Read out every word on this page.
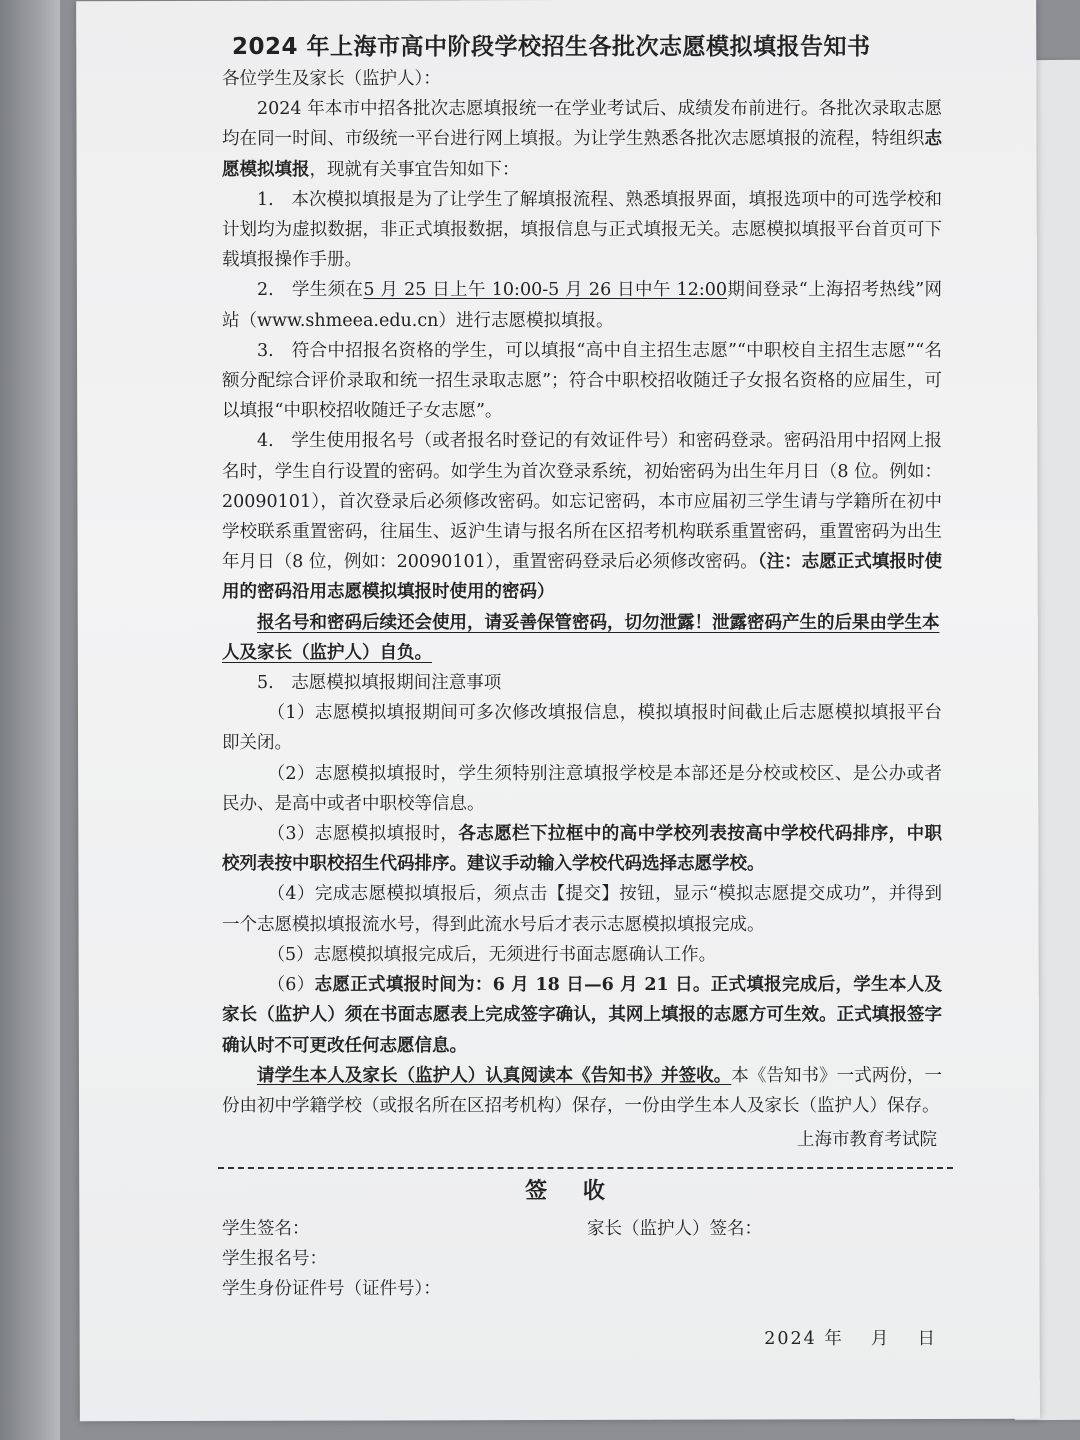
2024 年上海市高中阶段学校招生各批次志愿模拟填报告知书
各位学生及家长（监护人）：

2024 年本市中招各批次志愿填报统一在学业考试后、成绩发布前进行。各批次录取志愿均在同一时间、市级统一平台进行网上填报。为让学生熟悉各批次志愿填报的流程，特组织志愿模拟填报，现就有关事宜告知如下：

1.　本次模拟填报是为了让学生了解填报流程、熟悉填报界面，填报选项中的可选学校和计划均为虚拟数据，非正式填报数据，填报信息与正式填报无关。志愿模拟填报平台首页可下载填报操作手册。

2.　学生须在5 月 25 日上午 10:00-5 月 26 日中午 12:00期间登录“上海招考热线”网站（www.shmeea.edu.cn）进行志愿模拟填报。

3.　符合中招报名资格的学生，可以填报“高中自主招生志愿”“中职校自主招生志愿”“名额分配综合评价录取和统一招生录取志愿”；符合中职校招收随迁子女报名资格的应届生，可以填报“中职校招收随迁子女志愿”。

4.　学生使用报名号（或者报名时登记的有效证件号）和密码登录。密码沿用中招网上报名时，学生自行设置的密码。如学生为首次登录系统，初始密码为出生年月日（8 位。例如：20090101），首次登录后必须修改密码。如忘记密码，本市应届初三学生请与学籍所在初中学校联系重置密码，往届生、返沪生请与报名所在区招考机构联系重置密码，重置密码为出生年月日（8 位，例如：20090101），重置密码登录后必须修改密码。（注：志愿正式填报时使用的密码沿用志愿模拟填报时使用的密码）

报名号和密码后续还会使用，请妥善保管密码，切勿泄露！泄露密码产生的后果由学生本人及家长（监护人）自负。

5.　志愿模拟填报期间注意事项

（1）志愿模拟填报期间可多次修改填报信息，模拟填报时间截止后志愿模拟填报平台即关闭。

（2）志愿模拟填报时，学生须特别注意填报学校是本部还是分校或校区、是公办或者民办、是高中或者中职校等信息。

（3）志愿模拟填报时，各志愿栏下拉框中的高中学校列表按高中学校代码排序，中职校列表按中职校招生代码排序。建议手动输入学校代码选择志愿学校。

（4）完成志愿模拟填报后，须点击【提交】按钮，显示“模拟志愿提交成功”，并得到一个志愿模拟填报流水号，得到此流水号后才表示志愿模拟填报完成。

（5）志愿模拟填报完成后，无须进行书面志愿确认工作。

（6）志愿正式填报时间为：6 月 18 日—6 月 21 日。正式填报完成后，学生本人及家长（监护人）须在书面志愿表上完成签字确认，其网上填报的志愿方可生效。正式填报签字确认时不可更改任何志愿信息。

请学生本人及家长（监护人）认真阅读本《告知书》并签收。本《告知书》一式两份，一份由初中学籍学校（或报名所在区招考机构）保存，一份由学生本人及家长（监护人）保存。

上海市教育考试院
签 收
学生签名：	家长（监护人）签名：
学生报名号：
学生身份证件号（证件号）：
2024 年　 月　 日
